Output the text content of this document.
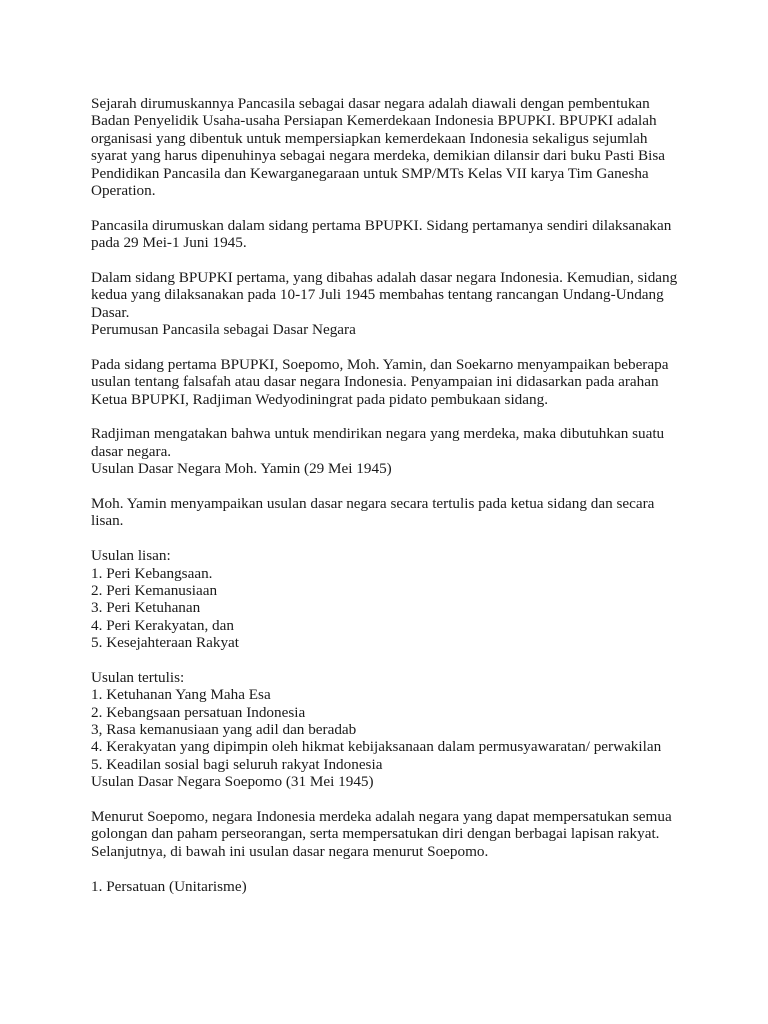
Sejarah dirumuskannya Pancasila sebagai dasar negara adalah diawali dengan pembentukan
Badan Penyelidik Usaha-usaha Persiapan Kemerdekaan Indonesia BPUPKI. BPUPKI adalah
organisasi yang dibentuk untuk mempersiapkan kemerdekaan Indonesia sekaligus sejumlah
syarat yang harus dipenuhinya sebagai negara merdeka, demikian dilansir dari buku Pasti Bisa
Pendidikan Pancasila dan Kewarganegaraan untuk SMP/MTs Kelas VII karya Tim Ganesha
Operation.
Pancasila dirumuskan dalam sidang pertama BPUPKI. Sidang pertamanya sendiri dilaksanakan
pada 29 Mei-1 Juni 1945.
Dalam sidang BPUPKI pertama, yang dibahas adalah dasar negara Indonesia. Kemudian, sidang
kedua yang dilaksanakan pada 10-17 Juli 1945 membahas tentang rancangan Undang-Undang
Dasar.
Perumusan Pancasila sebagai Dasar Negara
Pada sidang pertama BPUPKI, Soepomo, Moh. Yamin, dan Soekarno menyampaikan beberapa
usulan tentang falsafah atau dasar negara Indonesia. Penyampaian ini didasarkan pada arahan
Ketua BPUPKI, Radjiman Wedyodiningrat pada pidato pembukaan sidang.
Radjiman mengatakan bahwa untuk mendirikan negara yang merdeka, maka dibutuhkan suatu
dasar negara.
Usulan Dasar Negara Moh. Yamin (29 Mei 1945)
Moh. Yamin menyampaikan usulan dasar negara secara tertulis pada ketua sidang dan secara
lisan.
Usulan lisan:
1. Peri Kebangsaan.
2. Peri Kemanusiaan
3. Peri Ketuhanan
4. Peri Kerakyatan, dan
5. Kesejahteraan Rakyat
Usulan tertulis:
1. Ketuhanan Yang Maha Esa
2. Kebangsaan persatuan Indonesia
3, Rasa kemanusiaan yang adil dan beradab
4. Kerakyatan yang dipimpin oleh hikmat kebijaksanaan dalam permusyawaratan/ perwakilan
5. Keadilan sosial bagi seluruh rakyat Indonesia
Usulan Dasar Negara Soepomo (31 Mei 1945)
Menurut Soepomo, negara Indonesia merdeka adalah negara yang dapat mempersatukan semua
golongan dan paham perseorangan, serta mempersatukan diri dengan berbagai lapisan rakyat.
Selanjutnya, di bawah ini usulan dasar negara menurut Soepomo.
1. Persatuan (Unitarisme)
